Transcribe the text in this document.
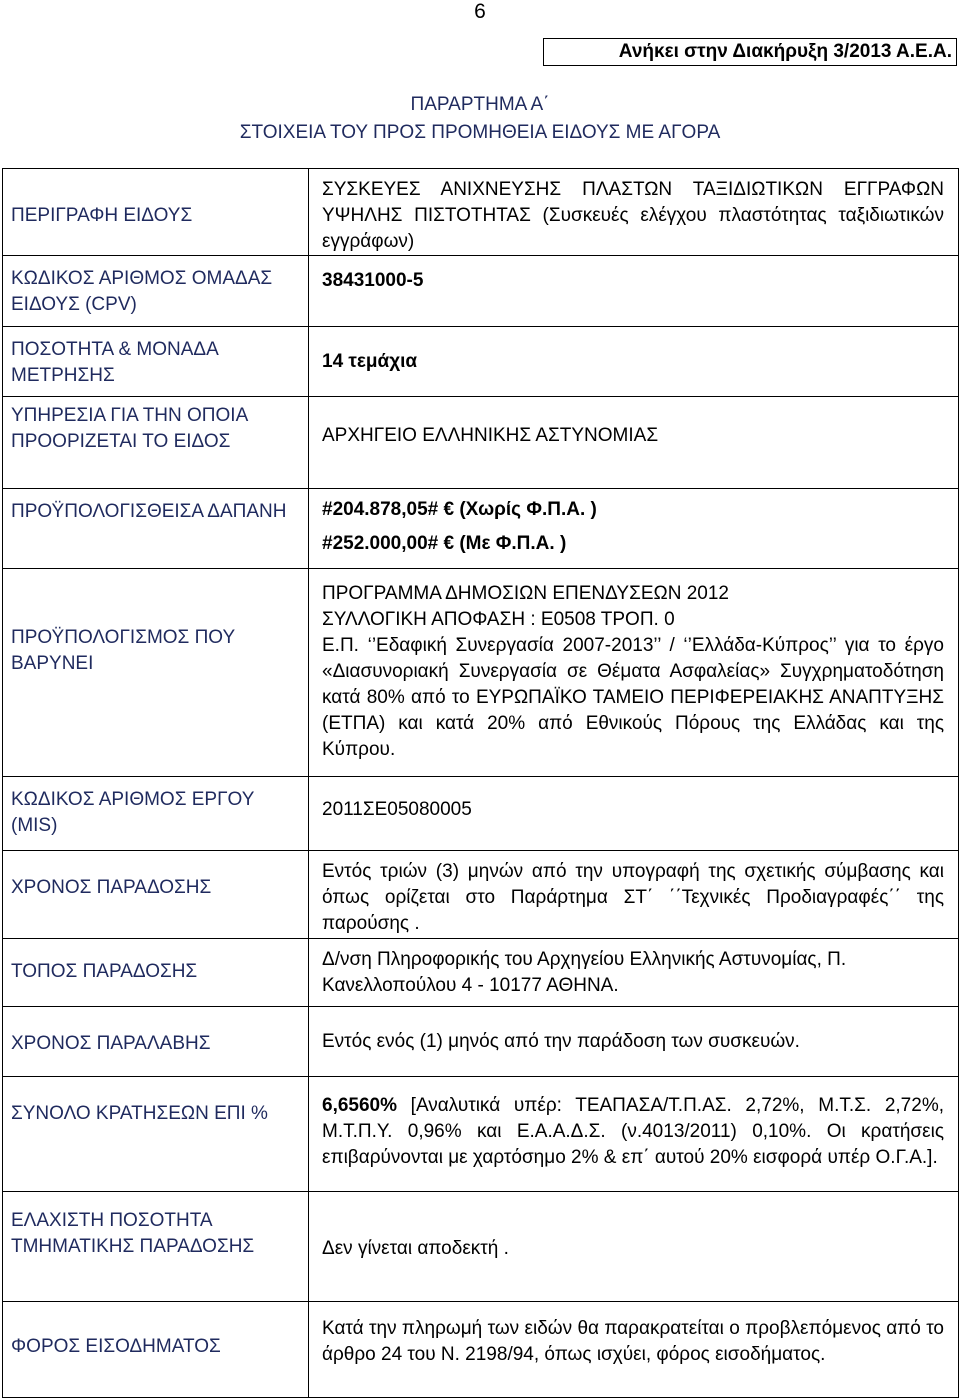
6
Ανήκει στην Διακήρυξη 3/2013 Α.Ε.Α.
ΠΑΡΑΡΤΗΜΑ Α΄
ΣΤΟΙΧΕΙΑ ΤΟΥ ΠΡΟΣ ΠΡΟΜΗΘΕΙΑ ΕΙΔΟΥΣ ΜΕ ΑΓΟΡΑ
ΠΕΡΙΓΡΑΦΗ ΕΙΔΟΥΣ	ΣΥΣΚΕΥΕΣ ΑΝΙΧΝΕΥΣΗΣ ΠΛΑΣΤΩΝ ΤΑΞΙΔΙΩΤΙΚΩΝ ΕΓΓΡΑΦΩΝ ΥΨΗΛΗΣ ΠΙΣΤΟΤΗΤΑΣ (Συσκευές ελέγχου πλαστότητας ταξιδιωτικών εγγράφων)
ΚΩΔΙΚΟΣ ΑΡΙΘΜΟΣ ΟΜΑΔΑΣ ΕΙΔΟΥΣ (CPV)	38431000-5

ΠΟΣΟΤΗΤΑ & ΜΟΝΑΔΑ ΜΕΤΡΗΣΗΣ	14 τεμάχια

ΥΠΗΡΕΣΙΑ ΓΙΑ ΤΗΝ ΟΠΟΙΑ ΠΡΟΟΡΙΖΕΤΑΙ ΤΟ ΕΙΔΟΣ	ΑΡΧΗΓΕΙΟ ΕΛΛΗΝΙΚΗΣ ΑΣΤΥΝΟΜΙΑΣ

ΠΡΟΫΠΟΛΟΓΙΣΘΕΙΣΑ ΔΑΠΑΝΗ	#204.878,05# € (Χωρίς Φ.Π.Α. )
#252.000,00# € (Με Φ.Π.Α. )

ΠΡΟΫΠΟΛΟΓΙΣΜΟΣ ΠΟΥ ΒΑΡΥΝΕΙ	ΠΡΟΓΡΑΜΜΑ ΔΗΜΟΣΙΩΝ ΕΠΕΝΔΥΣΕΩΝ 2012
ΣΥΛΛΟΓΙΚΗ ΑΠΟΦΑΣΗ : Ε0508 ΤΡΟΠ. 0
Ε.Π. ‘’Εδαφική Συνεργασία 2007-2013’’ / ‘’Ελλάδα-Κύπρος’’ για το έργο «Διασυνοριακή Συνεργασία σε Θέματα Ασφαλείας» Συγχρηματοδότηση κατά 80% από το ΕΥΡΩΠΑΪΚΟ ΤΑΜΕΙΟ ΠΕΡΙΦΕΡΕΙΑΚΗΣ ΑΝΑΠΤΥΞΗΣ (ΕΤΠΑ) και κατά 20% από Εθνικούς Πόρους της Ελλάδας και της Κύπρου.

ΚΩΔΙΚΟΣ ΑΡΙΘΜΟΣ ΕΡΓΟΥ (MIS)	2011ΣΕ05080005

ΧΡΟΝΟΣ ΠΑΡΑΔΟΣΗΣ	Εντός τριών (3) μηνών από την υπογραφή της σχετικής σύμβασης και όπως ορίζεται στο Παράρτημα ΣΤ΄ ΄΄Τεχνικές Προδιαγραφές΄΄ της παρούσης .

ΤΟΠΟΣ ΠΑΡΑΔΟΣΗΣ	Δ/νση Πληροφορικής του Αρχηγείου Ελληνικής Αστυνομίας, Π. Κανελλοπούλου 4 - 10177 ΑΘΗΝΑ.

ΧΡΟΝΟΣ ΠΑΡΑΛΑΒΗΣ	Εντός ενός (1) μηνός από την παράδοση των συσκευών.

ΣΥΝΟΛΟ ΚΡΑΤΗΣΕΩΝ ΕΠΙ %	6,6560% [Αναλυτικά υπέρ: ΤΕΑΠΑΣΑ/Τ.Π.ΑΣ. 2,72%, Μ.Τ.Σ. 2,72%, Μ.Τ.Π.Υ. 0,96% και Ε.Α.Α.Δ.Σ. (ν.4013/2011) 0,10%. Οι κρατήσεις επιβαρύνονται με χαρτόσημο 2% & επ΄ αυτού 20% εισφορά υπέρ Ο.Γ.Α.].

ΕΛΑΧΙΣΤΗ ΠΟΣΟΤΗΤΑ ΤΜΗΜΑΤΙΚΗΣ ΠΑΡΑΔΟΣΗΣ	Δεν γίνεται αποδεκτή .

ΦΟΡΟΣ ΕΙΣΟΔΗΜΑΤΟΣ	Κατά την πληρωμή των ειδών θα παρακρατείται ο προβλεπόμενος από το άρθρο 24 του Ν. 2198/94, όπως ισχύει, φόρος εισοδήματος.
